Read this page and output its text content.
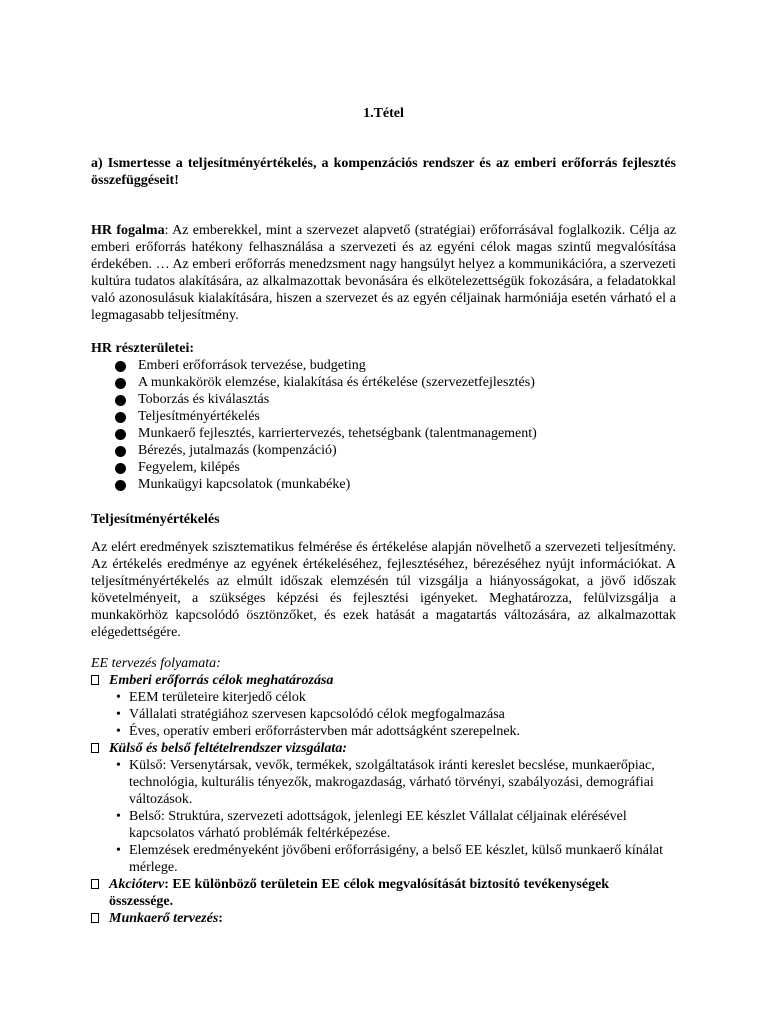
1.Tétel
a) Ismertesse a teljesítményértékelés, a kompenzációs rendszer és az emberi erőforrás fejlesztés összefüggéseit!

HR fogalma: Az emberekkel, mint a szervezet alapvető (stratégiai) erőforrásával foglalkozik. Célja az emberi erőforrás hatékony felhasználása a szervezeti és az egyéni célok magas szintű megvalósítása érdekében. … Az emberi erőforrás menedzsment nagy hangsúlyt helyez a kommunikációra, a szervezeti kultúra tudatos alakítására, az alkalmazottak bevonására és elkötelezettségük fokozására, a feladatokkal való azonosulásuk kialakítására, hiszen a szervezet és az egyén céljainak harmóniája esetén várható el a legmagasabb teljesítmény.

HR részterületei:
Emberi erőforrások tervezése, budgeting
A munkakörök elemzése, kialakítása és értékelése (szervezetfejlesztés)
Toborzás és kiválasztás
Teljesítményértékelés
Munkaerő fejlesztés, karriertervezés, tehetségbank (talentmanagement)
Bérezés, jutalmazás (kompenzáció)
Fegyelem, kilépés
Munkaügyi kapcsolatok (munkabéke)
Teljesítményértékelés

Az elért eredmények szisztematikus felmérése és értékelése alapján növelhető a szervezeti teljesítmény. Az értékelés eredménye az egyének értékeléséhez, fejlesztéséhez, bérezéséhez nyújt információkat. A teljesítményértékelés az elmúlt időszak elemzésén túl vizsgálja a hiányosságokat, a jövő időszak követelményeit, a szükséges képzési és fejlesztési igényeket. Meghatározza, felülvizsgálja a munkakörhöz kapcsolódó ösztönzőket, és ezek hatását a magatartás változására, az alkalmazottak elégedettségére.

EE tervezés folyamata:
Emberi erőforrás célok meghatározása
• EEM területeire kiterjedő célok
• Vállalati stratégiához szervesen kapcsolódó célok megfogalmazása
• Éves, operatív emberi erőforrástervben már adottságként szerepelnek.
Külső és belső feltételrendszer vizsgálata:
• Külső: Versenytársak, vevők, termékek, szolgáltatások iránti kereslet becslése, munkaerőpiac, technológia, kulturális tényezők, makrogazdaság, várható törvényi, szabályozási, demográfiai változások.
• Belső: Struktúra, szervezeti adottságok, jelenlegi EE készlet Vállalat céljainak elérésével kapcsolatos várható problémák feltérképezése.
• Elemzések eredményeként jövőbeni erőforrásigény, a belső EE készlet, külső munkaerő kínálat mérlege.
Akcióterv: EE különböző területein EE célok megvalósítását biztosító tevékenységek összessége.
Munkaerő tervezés:
